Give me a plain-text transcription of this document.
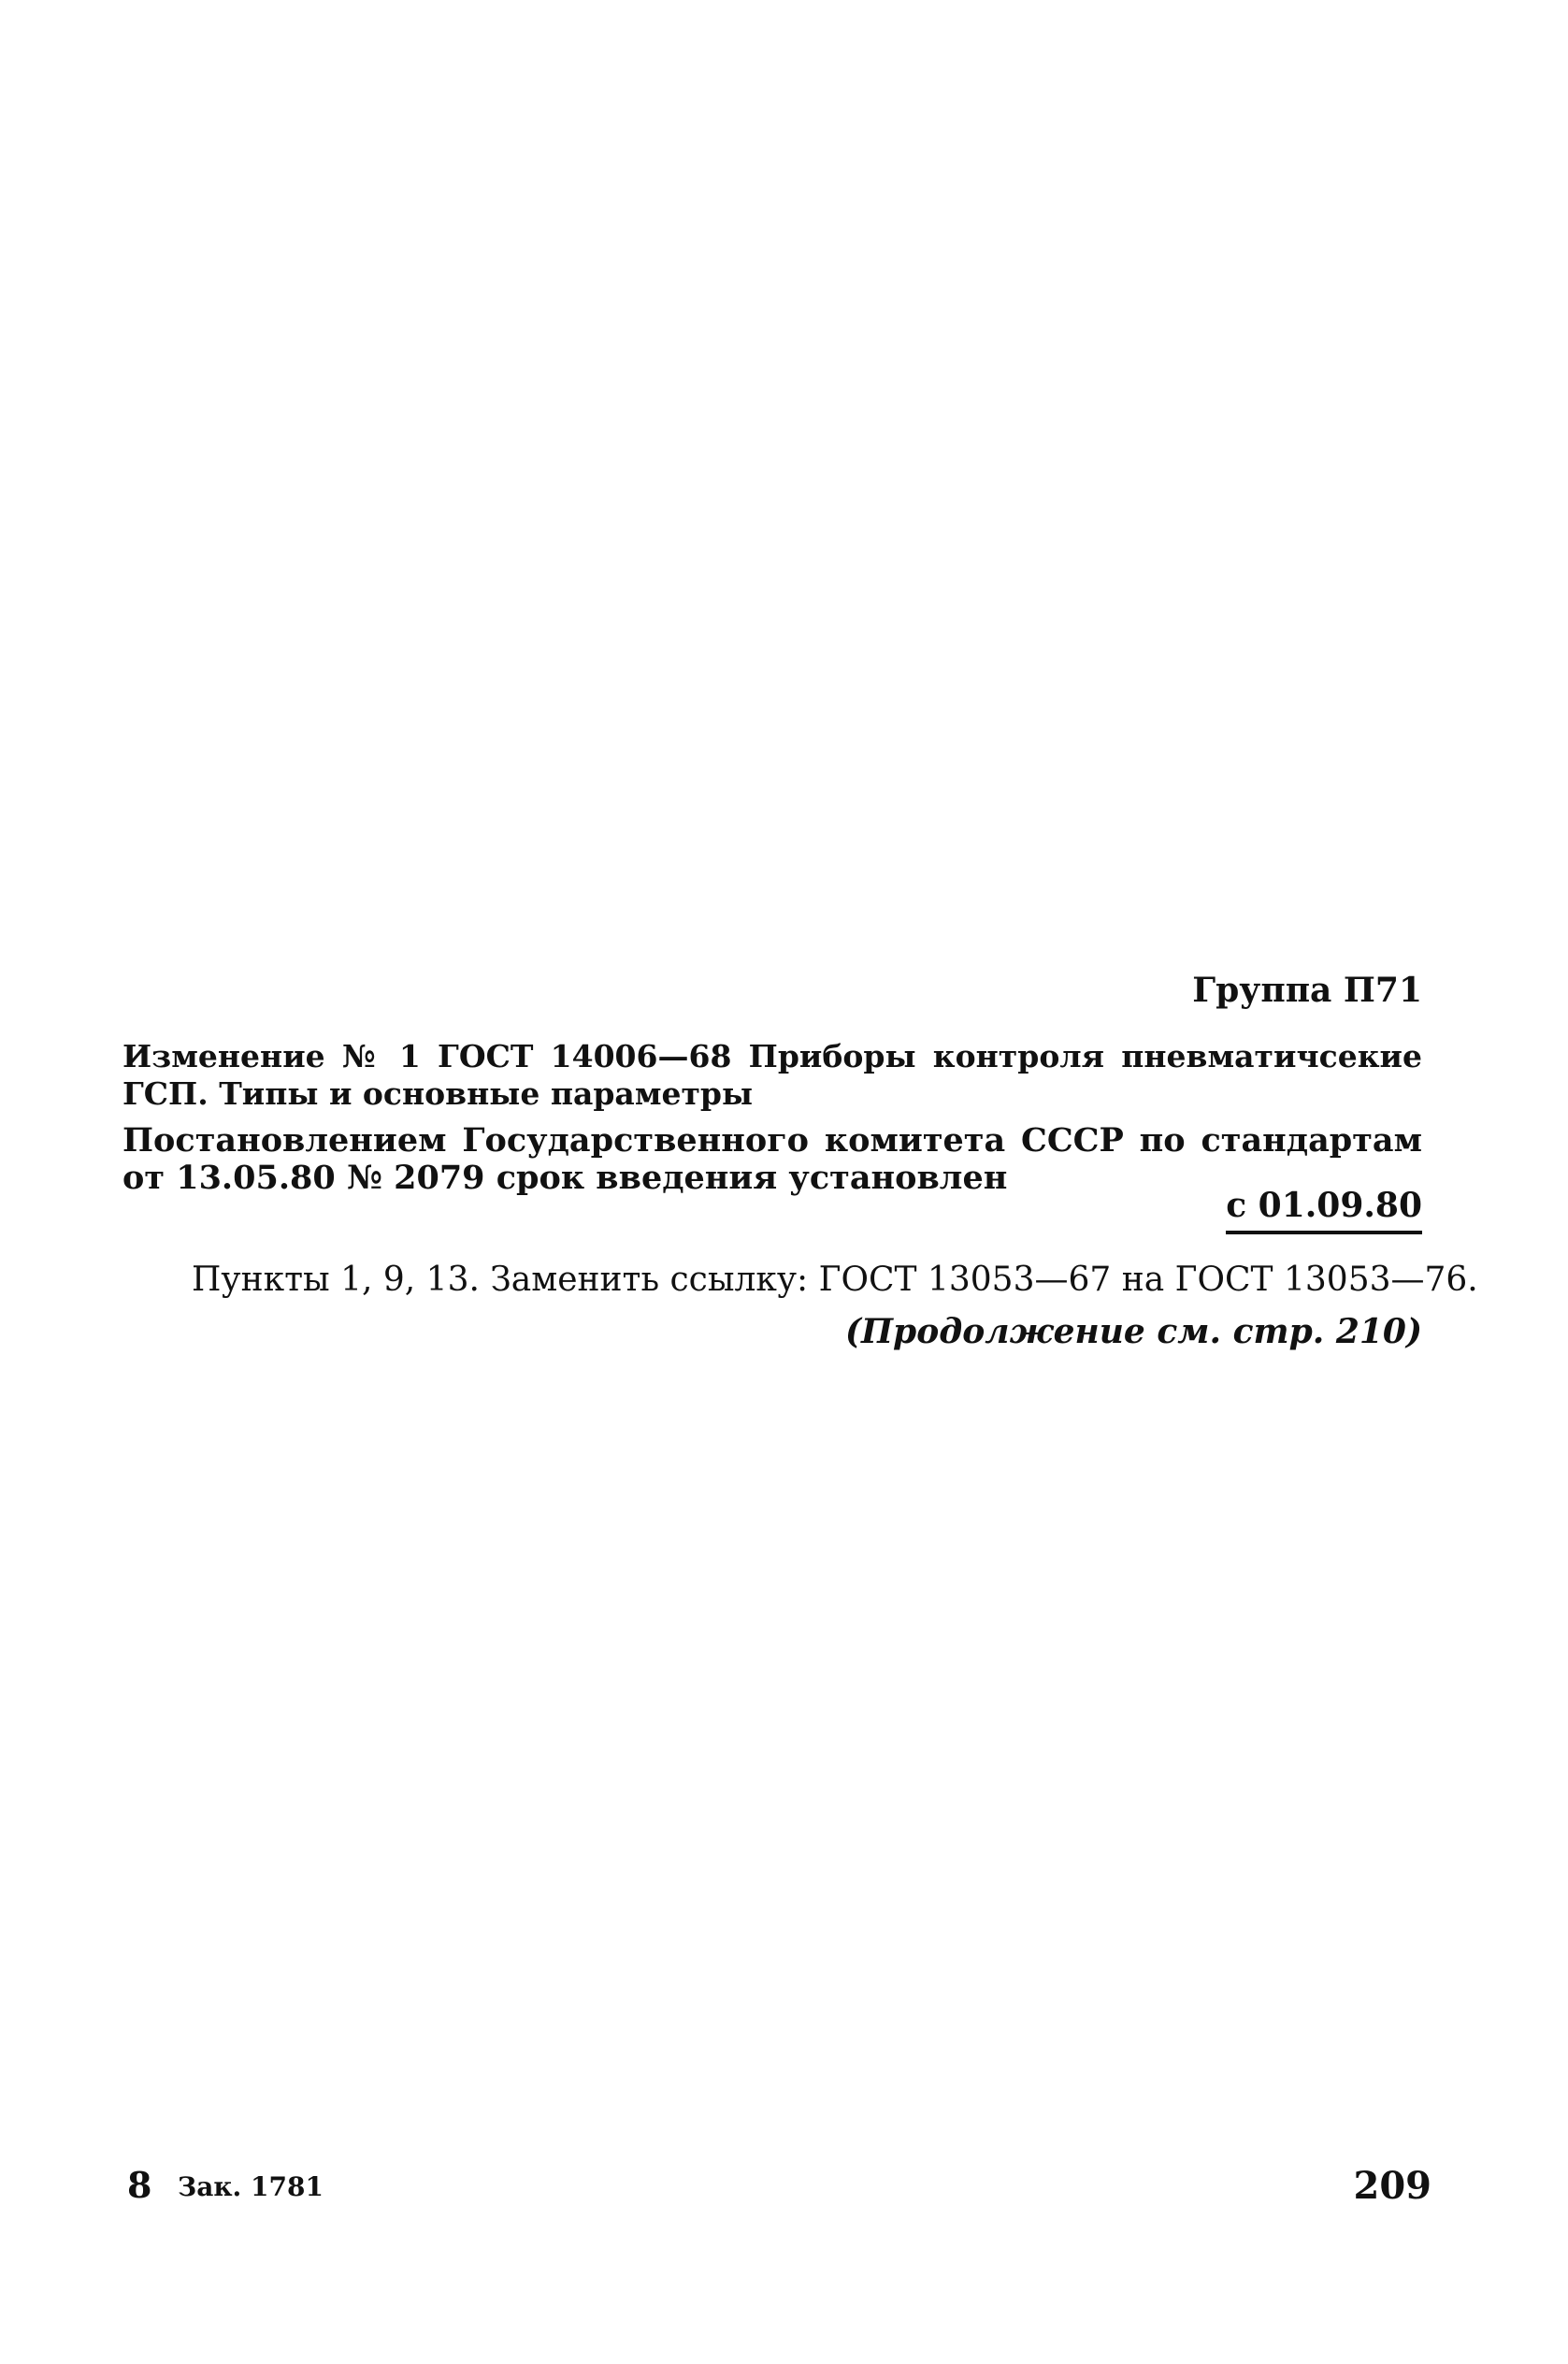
Группа П71
Изменение № 1 ГОСТ 14006—68 Приборы контроля пневматичсекие ГСП. Типы и основные параметры
Постановлением Государственного комитета СССР по стандартам от 13.05.80 № 2079 срок введения установлен
с 01.09.80
Пункты 1, 9, 13. Заменить ссылку: ГОСТ 13053—67 на ГОСТ 13053—76.
(Продолжение см. стр. 210)
8 Зак. 1781	209
